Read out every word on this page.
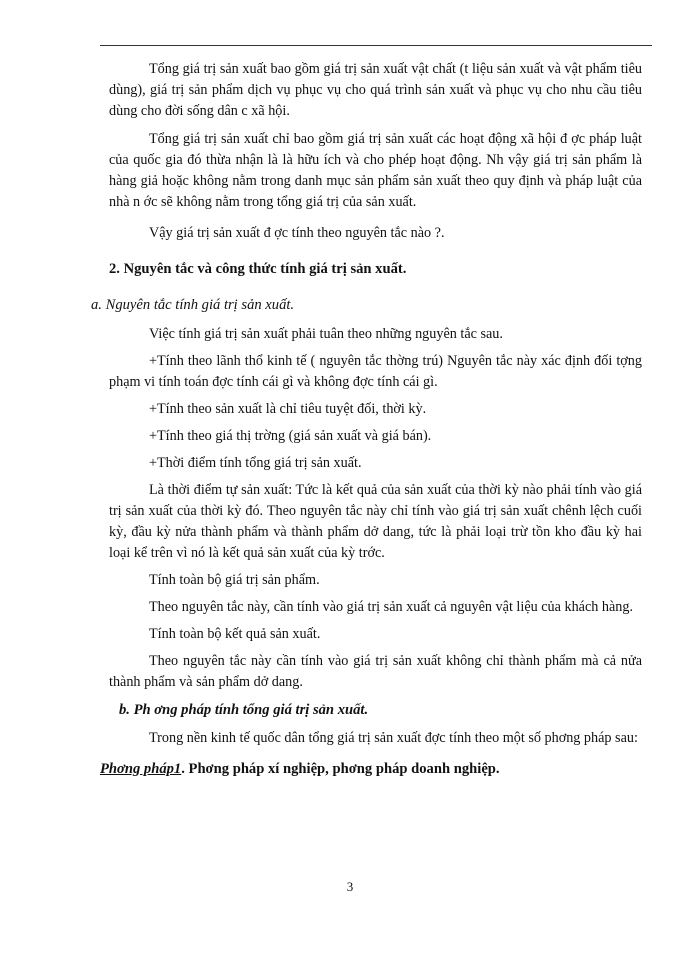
Tổng giá trị sản xuất bao gồm giá trị sản xuất vật chất (t liệu sản xuất và vật phẩm tiêu dùng), giá trị sản phẩm dịch vụ phục vụ cho quá trình sản xuất và phục vụ cho nhu cầu tiêu dùng cho đời sống dân c xã hội.

Tổng giá trị sản xuất chỉ bao gồm giá trị sản xuất các hoạt động xã hội đ ợc pháp luật của quốc gia đó thừa nhận là là hữu ích và cho phép hoạt động. Nh vậy giá trị sản phẩm là hàng giả hoặc không nằm trong danh mục sản phẩm sản xuất theo quy định và pháp luật của nhà n ớc sẽ không nằm trong tổng giá trị của sản xuất.

Vậy giá trị sản xuất đ ợc tính theo nguyên tắc nào ?.

2. Nguyên tắc và công thức tính giá trị sản xuất.

a. Nguyên tắc tính giá trị sản xuất.

Việc tính giá trị sản xuất phải tuân theo những nguyên tắc sau.

+Tính theo lãnh thổ kinh tế ( nguyên tắc thờng trú) Nguyên tắc này xác định đối tợng phạm vi tính toán đợc tính cái gì và không đợc tính cái gì.

+Tính theo sản xuất là chỉ tiêu tuyệt đối, thời kỳ.

+Tính theo giá thị trờng (giá sản xuất và giá bán).

+Thời điểm tính tổng giá trị sản xuất.

Là thời điểm tự sản xuất: Tức là kết quả của sản xuất của thời kỳ nào phải tính vào giá trị sản xuất của thời kỳ đó. Theo nguyên tắc này chỉ tính vào giá trị sản xuất chênh lệch cuối kỳ, đầu kỳ nửa thành phẩm và thành phẩm dở dang, tức là phải loại trừ tồn kho đầu kỳ hai loại kể trên vì nó là kết quả sản xuất của kỳ trớc.

Tính toàn bộ giá trị sản phẩm.

Theo nguyên tắc này, cần tính vào giá trị sản xuất cả nguyên vật liệu của khách hàng.

Tính toàn bộ kết quả sản xuất.

Theo nguyên tắc này cần tính vào giá trị sản xuất không chỉ thành phẩm mà cả nửa thành phẩm và sản phẩm dở dang.

b. Ph ơng pháp tính tổng giá trị sản xuất.

Trong nền kinh tế quốc dân tổng giá trị sản xuất đợc tính theo một số phơng pháp sau:

Phơng pháp1. Phơng pháp xí nghiệp, phơng pháp doanh nghiệp.

3
